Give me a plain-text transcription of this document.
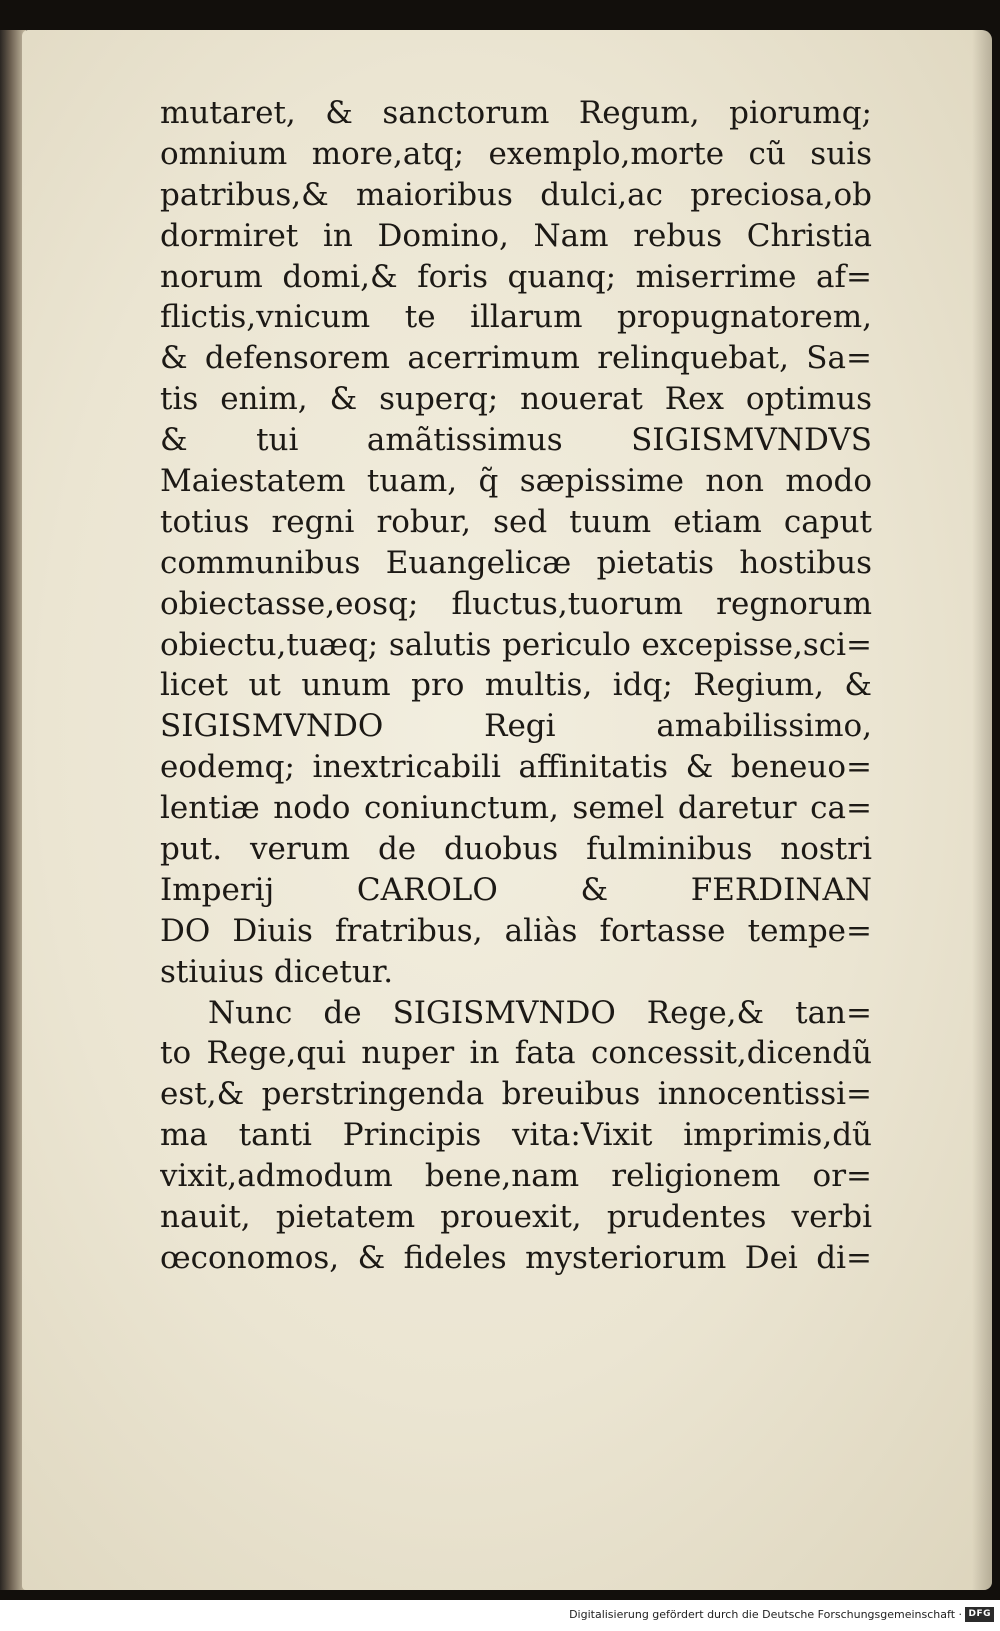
mutaret, & sanctorum Regum, piorumq;
omnium more,atq; exemplo,morte cũ suis
patribus,& maioribus dulci,ac preciosa,ob
dormiret in Domino, Nam rebus Christia
norum domi,& foris quanq; miserrime af=
flictis,vnicum te illarum propugnatorem,
& defensorem acerrimum relinquebat, Sa=
tis enim, & superq; nouerat Rex optimus
& tui amãtissimus SIGISMVNDVS
Maiestatem tuam, q̃ sæpissime non modo
totius regni robur, sed tuum etiam caput
communibus Euangelicæ pietatis hostibus
obiectasse,eosq; fluctus,tuorum regnorum
obiectu,tuæq; salutis periculo excepisse,sci=
licet ut unum pro multis, idq; Regium, &
SIGISMVNDO Regi amabilissimo,
eodemq; inextricabili affinitatis & beneuo=
lentiæ nodo coniunctum, semel daretur ca=
put. verum de duobus fulminibus nostri
Imperij CAROLO & FERDINAN
DO Diuis fratribus, aliàs fortasse tempe=
stiuius dicetur.
Nunc de SIGISMVNDO Rege,& tan=
to Rege,qui nuper in fata concessit,dicendũ
est,& perstringenda breuibus innocentissi=
ma tanti Principis vita:Vixit imprimis,dũ
vixit,admodum bene,nam religionem or=
nauit, pietatem prouexit, prudentes verbi
œconomos, & fideles mysteriorum Dei di=
Digitalisierung gefördert durch die Deutsche Forschungsgemeinschaft · DFG
